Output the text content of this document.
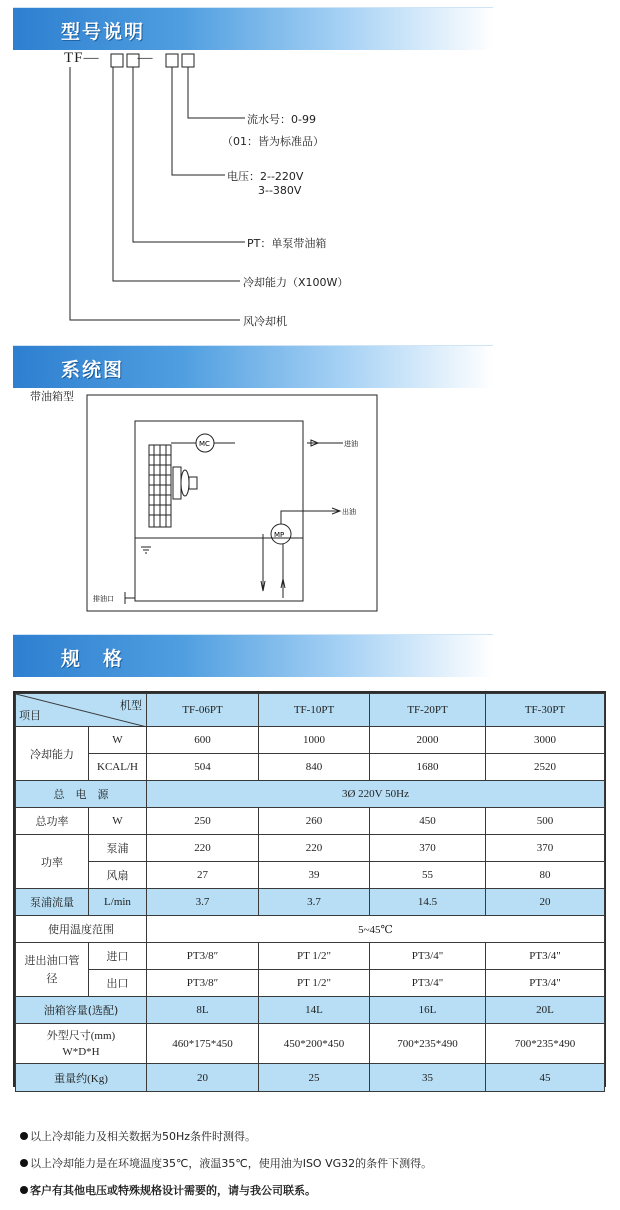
型号说明
系统图
规　格
TF—	—
流水号：0-99
（01：皆为标准品）
电压：2--220V
3--380V
PT：单泵带油箱
冷却能力（X100W）
风冷却机
带油箱型
MC
MP
进油
出油
排油口
机型
项目		TF-06PT	TF-10PT	TF-20PT	TF-30PT
冷却能力	W	600	1000	2000	3000
	KCAL/H	504	840	1680	2520
总　电　源		3Ø 220V 50Hz			
总功率	W	250	260	450	500
功率	泵浦	220	220	370	370
	风扇	27	39	55	80
泵浦流量	L/min	3.7	3.7	14.5	20
使用温度范围		5~45℃			
进出油口管径	进口	PT3/8″	PT 1/2"	PT3/4"	PT3/4"
	出口	PT3/8″	PT 1/2"	PT3/4"	PT3/4"
油箱容量(选配)		8L	14L	16L	20L
外型尺寸(mm)
W*D*H		460*175*450	450*200*450	700*235*490	700*235*490
重量约(Kg)		20	25	35	45
以上冷却能力及相关数据为50Hz条件时测得。
以上冷却能力是在环境温度35℃，液温35℃，使用油为ISO VG32的条件下测得。
客户有其他电压或特殊规格设计需要的，请与我公司联系。
